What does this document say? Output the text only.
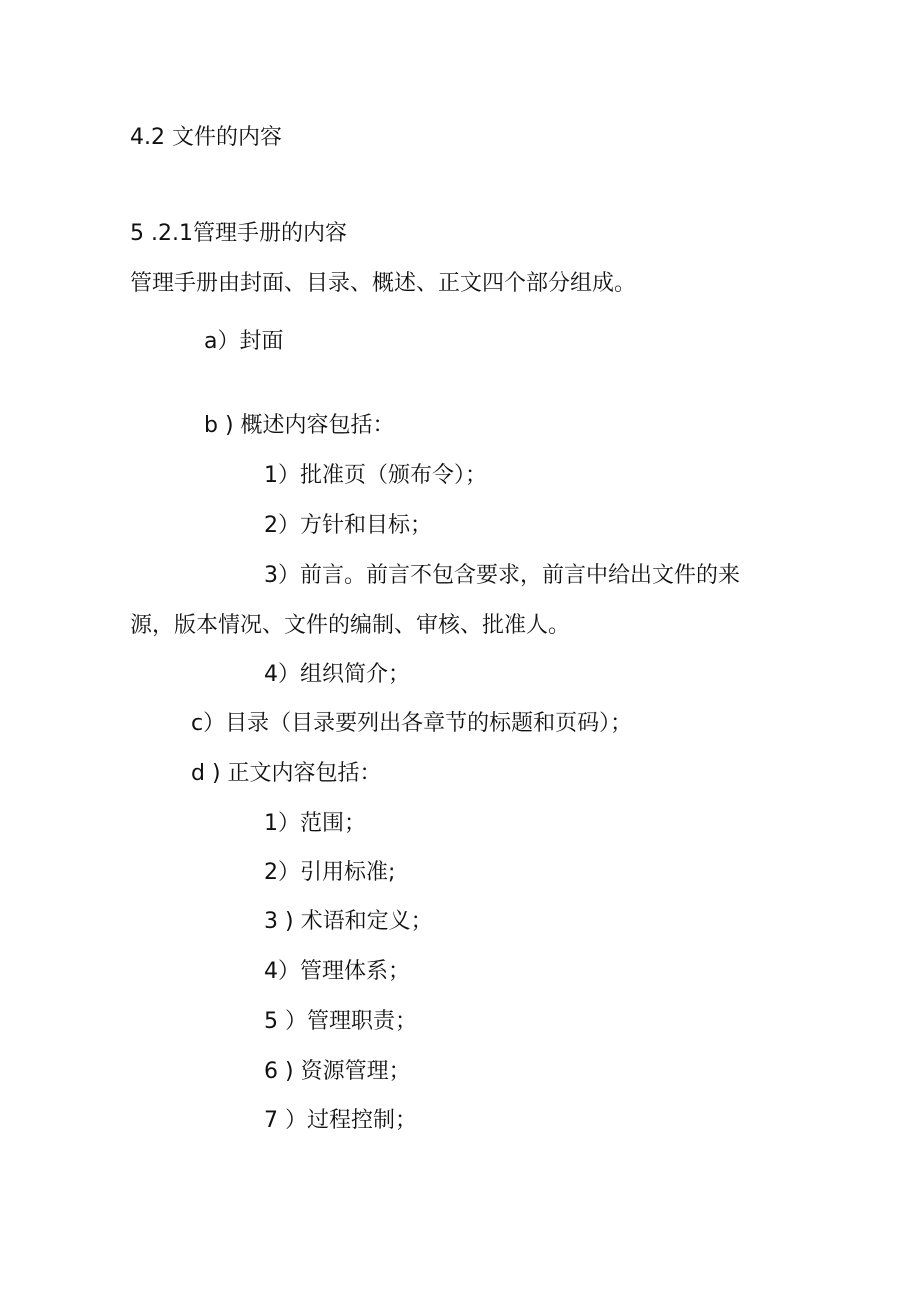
4.2 文件的内容
5 .2.1管理手册的内容
管理手册由封面、目录、概述、正文四个部分组成。
a）封面
b ) 概述内容包括：
1）批准页（颁布令）；
2）方针和目标；
3）前言。前言不包含要求，前言中给出文件的来
源，版本情况、文件的编制、审核、批准人。
4）组织简介；
c）目录（目录要列出各章节的标题和页码）；
d ) 正文内容包括：
1）范围；
2）引用标准;
3 ) 术语和定义；
4）管理体系；
5 ）管理职责；
6 ) 资源管理；
7 ）过程控制；
